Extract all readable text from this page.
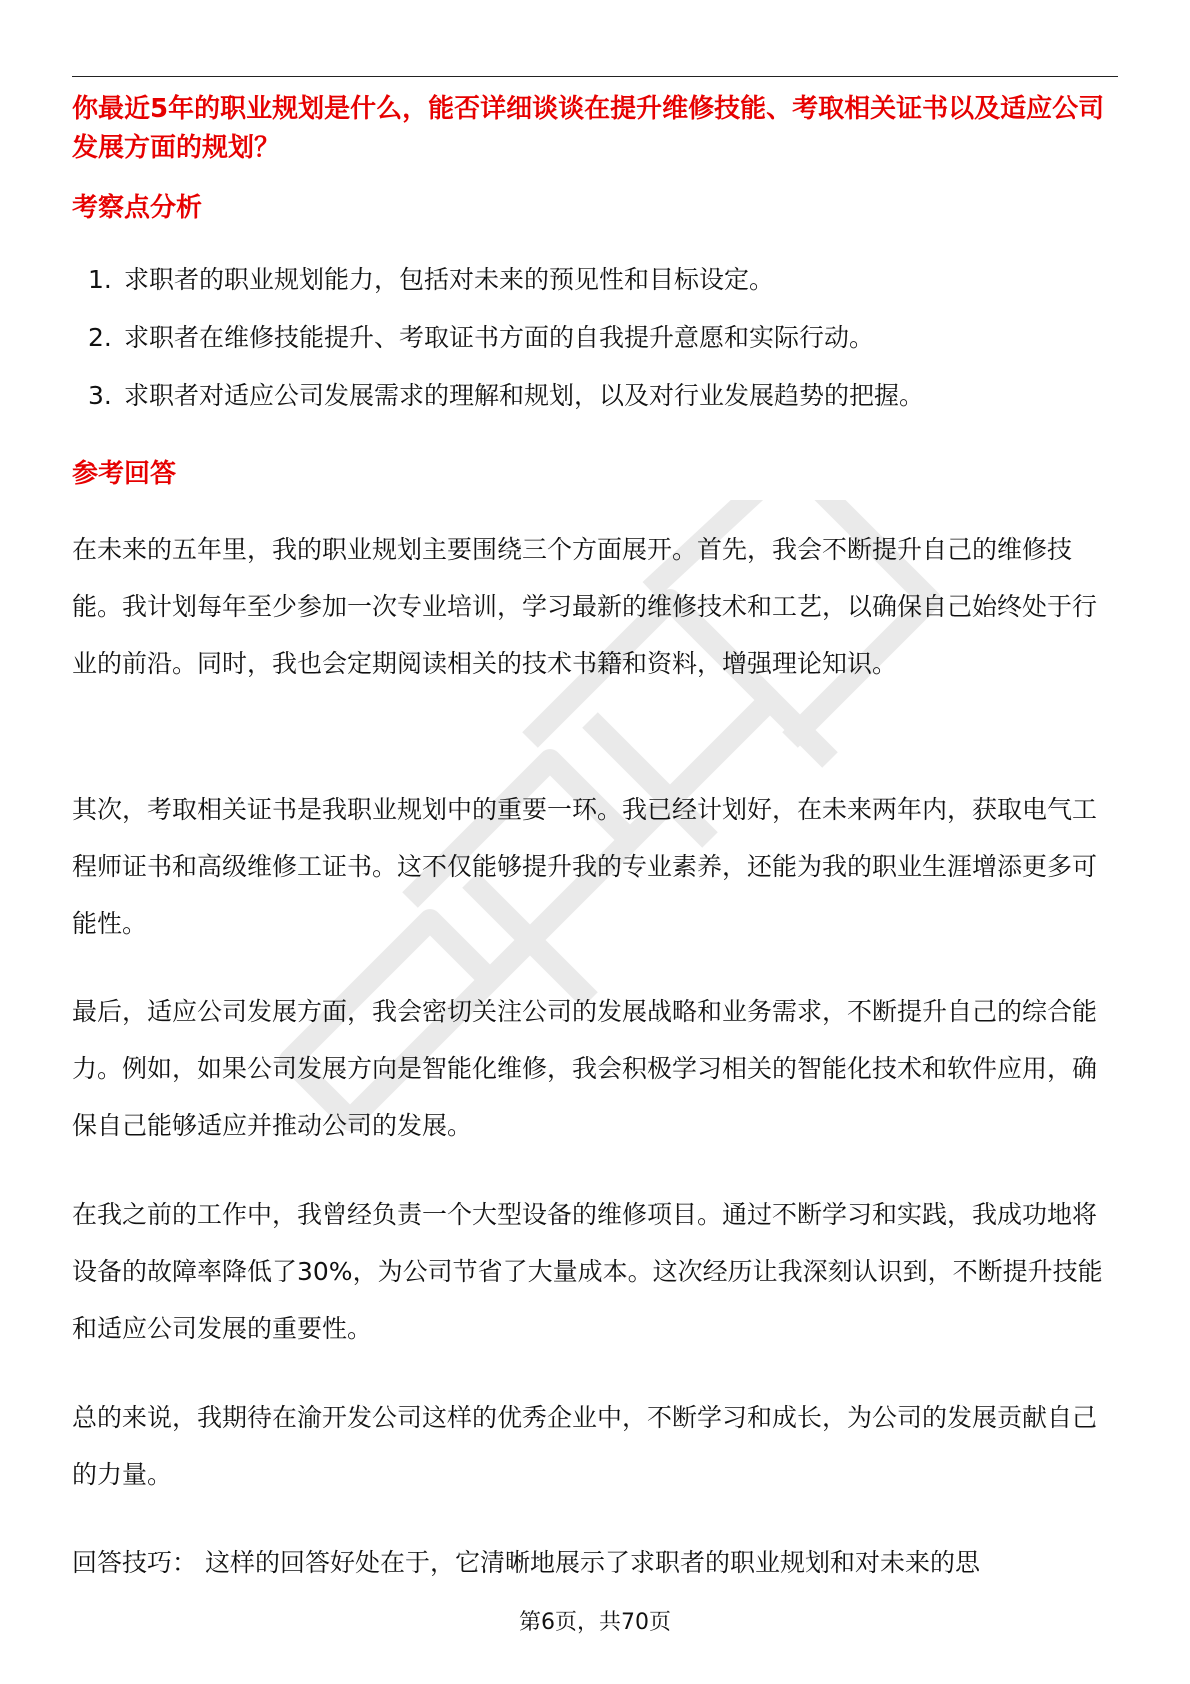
你最近5年的职业规划是什么，能否详细谈谈在提升维修技能、考取相关证书以及适应公司发展方面的规划？
考察点分析
1. 求职者的职业规划能力，包括对未来的预见性和目标设定。
2. 求职者在维修技能提升、考取证书方面的自我提升意愿和实际行动。
3. 求职者对适应公司发展需求的理解和规划，以及对行业发展趋势的把握。
参考回答

在未来的五年里，我的职业规划主要围绕三个方面展开。首先，我会不断提升自己的维修技能。我计划每年至少参加一次专业培训，学习最新的维修技术和工艺，以确保自己始终处于行业的前沿。同时，我也会定期阅读相关的技术书籍和资料，增强理论知识。

其次，考取相关证书是我职业规划中的重要一环。我已经计划好，在未来两年内，获取电气工程师证书和高级维修工证书。这不仅能够提升我的专业素养，还能为我的职业生涯增添更多可能性。

最后，适应公司发展方面，我会密切关注公司的发展战略和业务需求，不断提升自己的综合能力。例如，如果公司发展方向是智能化维修，我会积极学习相关的智能化技术和软件应用，确保自己能够适应并推动公司的发展。

在我之前的工作中，我曾经负责一个大型设备的维修项目。通过不断学习和实践，我成功地将设备的故障率降低了30%，为公司节省了大量成本。这次经历让我深刻认识到，不断提升技能和适应公司发展的重要性。

总的来说，我期待在渝开发公司这样的优秀企业中，不断学习和成长，为公司的发展贡献自己的力量。

回答技巧： 这样的回答好处在于，它清晰地展示了求职者的职业规划和对未来的思

第6页，共70页
